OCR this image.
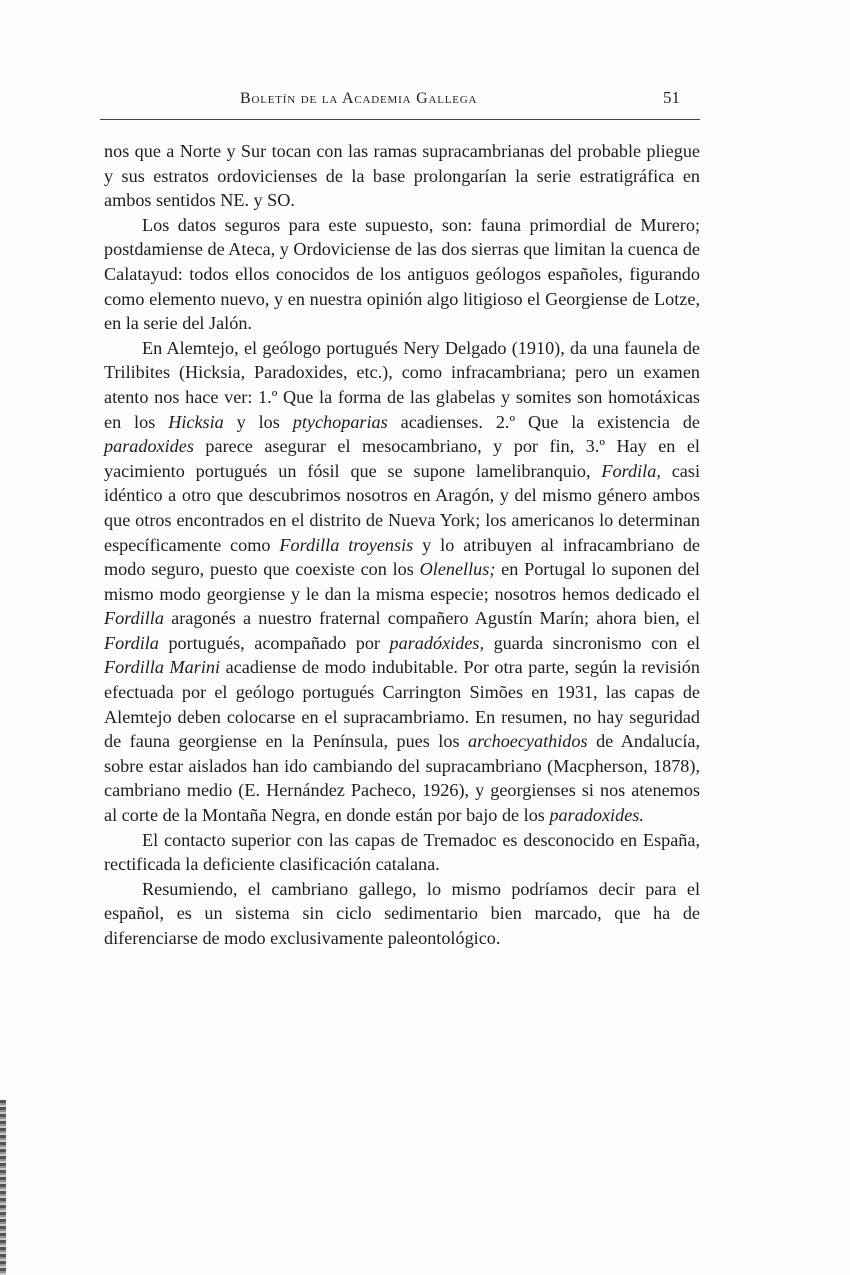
Boletín de la Academia Gallega	51

nos que a Norte y Sur tocan con las ramas supracambrianas del probable pliegue y sus estratos ordovicienses de la base prolongarían la serie estratigráfica en ambos sentidos NE. y SO.

Los datos seguros para este supuesto, son: fauna primordial de Murero; postdamiense de Ateca, y Ordoviciense de las dos sierras que limitan la cuenca de Calatayud: todos ellos conocidos de los antiguos geólogos españoles, figurando como elemento nuevo, y en nuestra opinión algo litigioso el Georgiense de Lotze, en la serie del Jalón.

En Alemtejo, el geólogo portugués Nery Delgado (1910), da una faunela de Trilibites (Hicksia, Paradoxides, etc.), como infracambriana; pero un examen atento nos hace ver: 1.º Que la forma de las glabelas y somites son homotáxicas en los Hicksia y los ptychoparias acadienses. 2.º Que la existencia de paradoxides parece asegurar el mesocambriano, y por fin, 3.º Hay en el yacimiento portugués un fósil que se supone lamelibranquio, Fordila, casi idéntico a otro que descubrimos nosotros en Aragón, y del mismo género ambos que otros encontrados en el distrito de Nueva York; los americanos lo determinan específicamente como Fordilla troyensis y lo atribuyen al infracambriano de modo seguro, puesto que coexiste con los Olenellus; en Portugal lo suponen del mismo modo georgiense y le dan la misma especie; nosotros hemos dedicado el Fordilla aragonés a nuestro fraternal compañero Agustín Marín; ahora bien, el Fordila portugués, acompañado por paradóxides, guarda sincronismo con el Fordilla Marini acadiense de modo indubitable. Por otra parte, según la revisión efectuada por el geólogo portugués Carrington Simões en 1931, las capas de Alemtejo deben colocarse en el supracambriamo. En resumen, no hay seguridad de fauna georgiense en la Península, pues los archoecyathidos de Andalucía, sobre estar aislados han ido cambiando del supracambriano (Macpherson, 1878), cambriano medio (E. Hernández Pacheco, 1926), y georgienses si nos atenemos al corte de la Montaña Negra, en donde están por bajo de los paradoxides.

El contacto superior con las capas de Tremadoc es desconocido en España, rectificada la deficiente clasificación catalana.

Resumiendo, el cambriano gallego, lo mismo podríamos decir para el español, es un sistema sin ciclo sedimentario bien marcado, que ha de diferenciarse de modo exclusivamente paleontológico.
